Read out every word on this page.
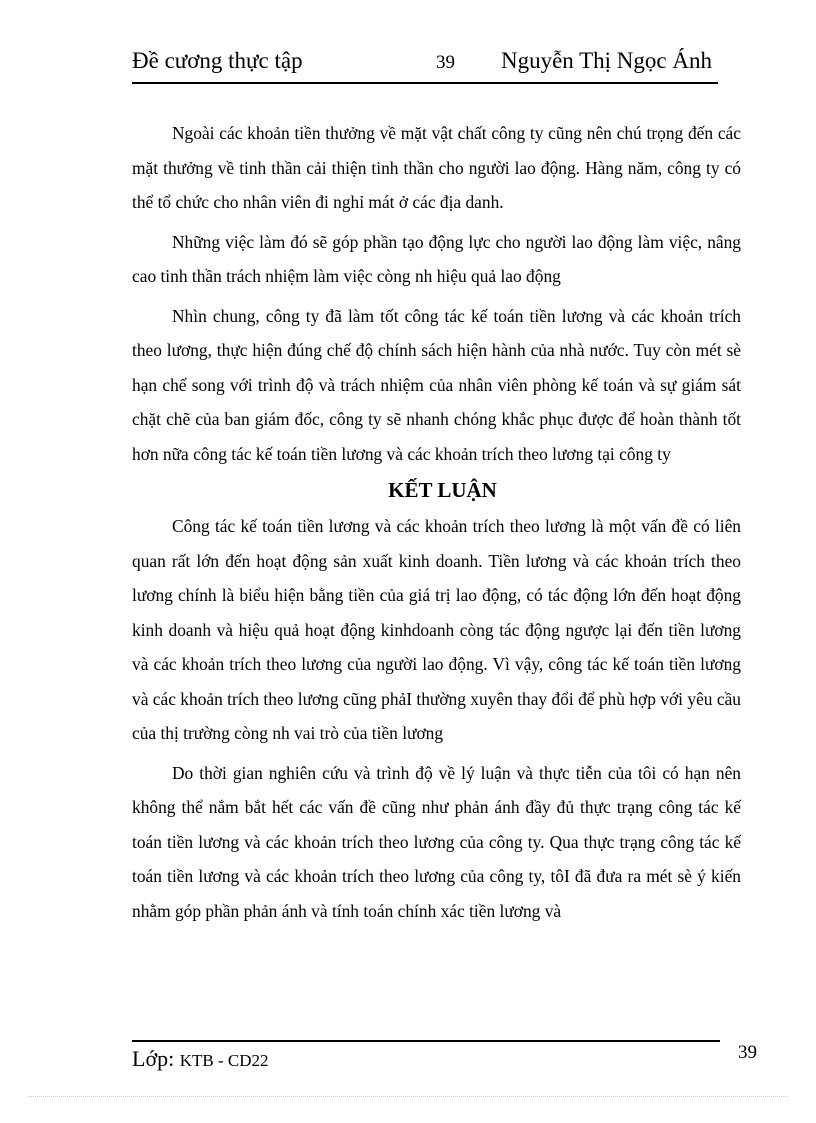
Đề cương thực tập	39 Nguyễn Thị Ngọc Ánh

Ngoài các khoản tiền thưởng về mặt vật chất công ty cũng nên chú trọng đến các mặt thưởng về tinh thần cải thiện tinh thần cho người lao động. Hàng năm, công ty có thể tổ chức cho nhân viên đi nghỉ mát ở các địa danh.

Những việc làm đó sẽ góp phần tạo động lực cho người lao động làm việc, nâng cao tinh thần trách nhiệm làm việc còng nh hiệu quả lao động

Nhìn chung, công ty đã làm tốt công tác kế toán tiền lương và các khoản trích theo lương, thực hiện đúng chế độ chính sách hiện hành của nhà nước. Tuy còn mét sè hạn chế song với trình độ và trách nhiệm của nhân viên phòng kế toán và sự giám sát chặt chẽ của ban giám đốc, công ty sẽ nhanh chóng khắc phục được để hoàn thành tốt hơn nữa công tác kế toán tiền lương và các khoản trích theo lương tại công ty

KẾT LUẬN

Công tác kế toán tiền lương và các khoản trích theo lương là một vấn đề có liên quan rất lớn đến hoạt động sản xuất kinh doanh. Tiền lương và các khoản trích theo lương chính là biểu hiện bằng tiền của giá trị lao động, có tác động lớn đến hoạt động kinh doanh và hiệu quả hoạt động kinhdoanh còng tác động ngược lại đến tiền lương và các khoản trích theo lương của người lao động. Vì vậy, công tác kế toán tiền lương và các khoản trích theo lương cũng phảI thường xuyên thay đổi để phù hợp với yêu cầu của thị trường còng nh vai trò của tiền lương

Do thời gian nghiên cứu và trình độ về lý luận và thực tiễn của tôi có hạn nên không thể nắm bắt hết các vấn đề cũng như phản ánh đầy đủ thực trạng công tác kế toán tiền lương và các khoản trích theo lương của công ty. Qua thực trạng công tác kế toán tiền lương và các khoản trích theo lương của công ty, tôI đã đưa ra mét sè ý kiến nhằm góp phần phản ánh và tính toán chính xác tiền lương và

Lớp: KTB - CD22	39
